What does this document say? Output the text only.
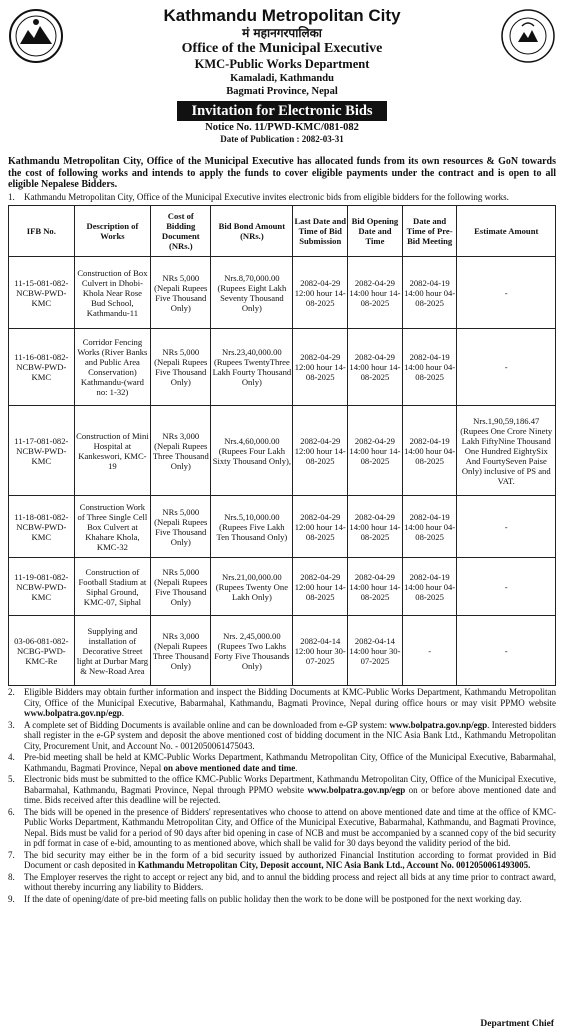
Kathmandu Metropolitan City
मं महानगरपालिका
Office of the Municipal Executive
KMC-Public Works Department
Kamaladi, Kathmandu
Bagmati Province, Nepal
Invitation for Electronic Bids
Notice No. 11/PWD-KMC/081-082
Date of Publication : 2082-03-31
Kathmandu Metropolitan City, Office of the Municipal Executive has allocated funds from its own resources & GoN towards the cost of following works and intends to apply the funds to cover eligible payments under the contract and is open to all eligible Nepalese Bidders.
1.	Kathmandu Metropolitan City, Office of the Municipal Executive invites electronic bids from eligible bidders for the following works.
IFB No.	Description of Works	Cost of Bidding Document (NRs.)	Bid Bond Amount (NRs.)	Last Date and Time of Bid Submission	Bid Opening Date and Time	Date and Time of Pre-Bid Meeting	Estimate Amount
11-15-081-082-NCBW-PWD-KMC	Construction of Box Culvert in Dhobi-Khola Near Rose Bud School, Kathmandu-11	NRs 5,000 (Nepali Rupees Five Thousand Only)	Nrs.8,70,000.00 (Rupees Eight Lakh Seventy Thousand Only)	2082-04-29 12:00 hour 14-08-2025	2082-04-29 14:00 hour 14-08-2025	2082-04-19 14:00 hour 04-08-2025	-
11-16-081-082-NCBW-PWD-KMC	Corridor Fencing Works (River Banks and Public Area Conservation) Kathmandu-(ward no: 1-32)	NRs 5,000 (Nepali Rupees Five Thousand Only)	Nrs.23,40,000.00 (Rupees TwentyThree Lakh Fourty Thousand Only)	2082-04-29 12:00 hour 14-08-2025	2082-04-29 14:00 hour 14-08-2025	2082-04-19 14:00 hour 04-08-2025	-
11-17-081-082-NCBW-PWD-KMC	Construction of Mini Hospital at Kankeswori, KMC-19	NRs 3,000 (Nepali Rupees Three Thousand Only)	Nrs.4,60,000.00 (Rupees Four Lakh Sixty Thousand Only),	2082-04-29 12:00 hour 14-08-2025	2082-04-29 14:00 hour 14-08-2025	2082-04-19 14:00 hour 04-08-2025	Nrs.1,90,59,186.47 (Rupees One Crore Ninety Lakh FiftyNine Thousand One Hundred EightySix And FourtySeven Paise Only) inclusive of PS and VAT.
11-18-081-082-NCBW-PWD-KMC	Construction Work of Three Single Cell Box Culvert at Khahare Khola, KMC-32	NRs 5,000 (Nepali Rupees Five Thousand Only)	Nrs.5,10,000.00 (Rupees Five Lakh Ten Thousand Only)	2082-04-29 12:00 hour 14-08-2025	2082-04-29 14:00 hour 14-08-2025	2082-04-19 14:00 hour 04-08-2025	-
11-19-081-082-NCBW-PWD-KMC	Construction of Football Stadium at Siphal Ground, KMC-07, Siphal	NRs 5,000 (Nepali Rupees Five Thousand Only)	Nrs.21,00,000.00 (Rupees Twenty One Lakh Only)	2082-04-29 12:00 hour 14-08-2025	2082-04-29 14:00 hour 14-08-2025	2082-04-19 14:00 hour 04-08-2025	-
03-06-081-082-NCBG-PWD-KMC-Re	Supplying and installation of Decorative Street light at Durbar Marg & New-Road Area	NRs 3,000 (Nepali Rupees Three Thousand Only)	Nrs. 2,45,000.00 (Rupees Two Lakhs Forty Five Thousands Only)	2082-04-14 12:00 hour 30-07-2025	2082-04-14 14:00 hour 30-07-2025	-	-
2.	Eligible Bidders may obtain further information and inspect the Bidding Documents at KMC-Public Works Department, Kathmandu Metropolitan City, Office of the Municipal Executive, Babarmahal, Kathmandu, Bagmati Province, Nepal during office hours or may visit PPMO website www.bolpatra.gov.np/egp.
3.	A complete set of Bidding Documents is available online and can be downloaded from e-GP system: www.bolpatra.gov.np/egp. Interested bidders shall register in the e-GP system and deposit the above mentioned cost of bidding document in the NIC Asia Bank Ltd., Kathmandu Metropolitan City, Procurement Unit, and Account No. - 0012050061475043.
4.	Pre-bid meeting shall be held at KMC-Public Works Department, Kathmandu Metropolitan City, Office of the Municipal Executive, Babarmahal, Kathmandu, Bagmati Province, Nepal on above mentioned date and time.
5.	Electronic bids must be submitted to the office KMC-Public Works Department, Kathmandu Metropolitan City, Office of the Municipal Executive, Babarmahal, Kathmandu, Bagmati Province, Nepal through PPMO website www.bolpatra.gov.np/egp on or before above mentioned date and time. Bids received after this deadline will be rejected.
6.	The bids will be opened in the presence of Bidders' representatives who choose to attend on above mentioned date and time at the office of KMC-Public Works Department, Kathmandu Metropolitan City, and Office of the Municipal Executive, Babarmahal, Kathmandu, and Bagmati Province, Nepal. Bids must be valid for a period of 90 days after bid opening in case of NCB and must be accompanied by a scanned copy of the bid security in pdf format in case of e-bid, amounting to as mentioned above, which shall be valid for 30 days beyond the validity period of the bid.
7.	The bid security may either be in the form of a bid security issued by authorized Financial Institution according to format provided in Bid Document or cash deposited in Kathmandu Metropolitan City, Deposit account, NIC Asia Bank Ltd., Account No. 0012050061493005.
8.	The Employer reserves the right to accept or reject any bid, and to annul the bidding process and reject all bids at any time prior to contract award, without thereby incurring any liability to Bidders.
9.	If the date of opening/date of pre-bid meeting falls on public holiday then the work to be done will be postponed for the next working day.
Department Chief
